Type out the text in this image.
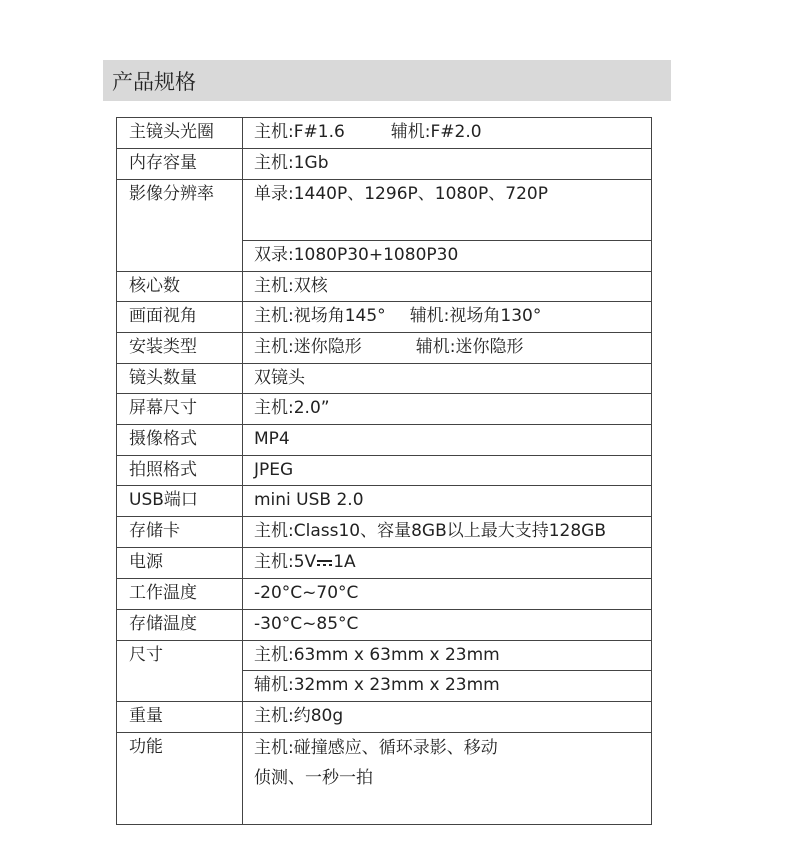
产品规格
主镜头光圈	主机:F#1.6 辅机:F#2.0

内存容量	主机:1Gb

影像分辨率	单录:1440P、1296P、1080P、720P

	双录:1080P30+1080P30

核心数	主机:双核

画面视角	主机:视场角145° 辅机:视场角130°

安装类型	主机:迷你隐形 辅机:迷你隐形

镜头数量	双镜头

屏幕尺寸	主机:2.0”

摄像格式	MP4

拍照格式	JPEG

USB端口	mini USB 2.0

存储卡	主机:Class10、容量8GB以上最大支持128GB

电源	主机:5V 1A

工作温度	-20°C~70°C

存储温度	-30°C~85°C

尺寸	主机:63mm x 63mm x 23mm

	辅机:32mm x 23mm x 23mm

重量	主机:约80g

功能	主机:碰撞感应、循环录影、移动
侦测、一秒一拍
